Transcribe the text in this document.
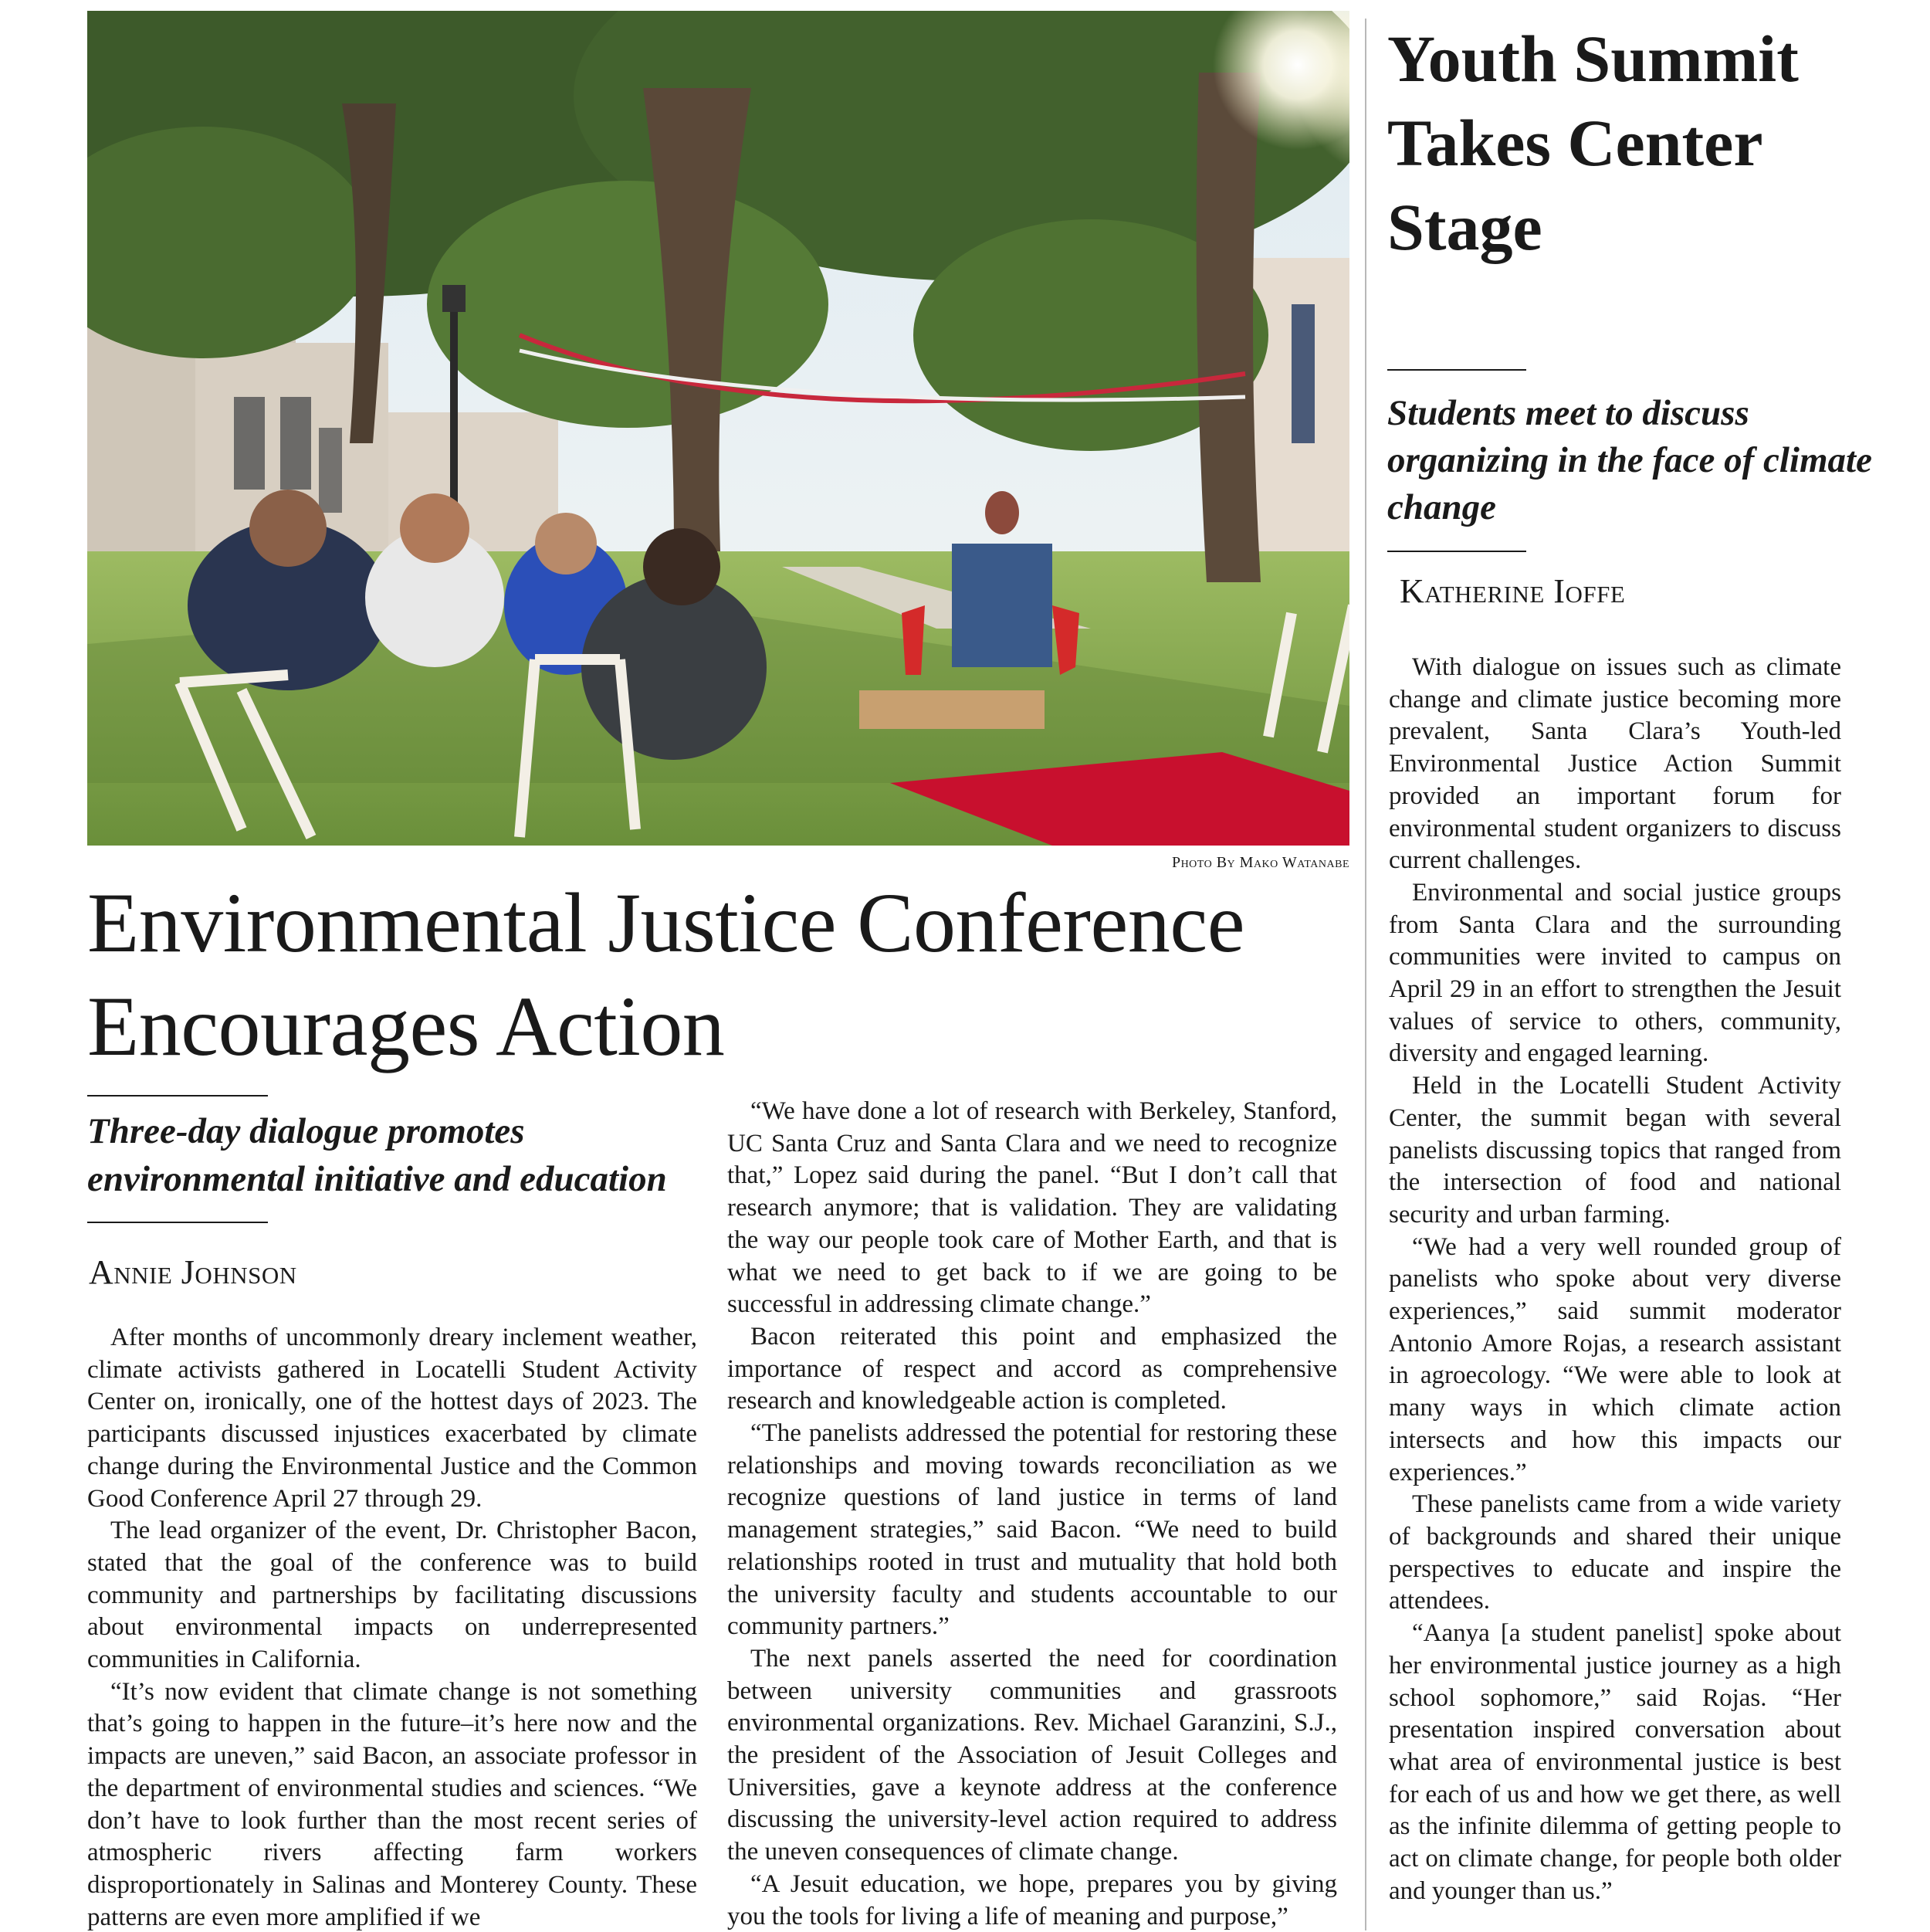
Photo By Mako Watanabe
Environmental Justice Conference Encourages Action
Three-day dialogue promotes environmental initiative and education
Annie Johnson

After months of uncommonly dreary inclement weather, climate activists gathered in Locatelli Student Activity Center on, ironically, one of the hottest days of 2023. The participants discussed injustices exacerbated by climate change during the Environmental Justice and the Common Good Conference April 27 through 29.

The lead organizer of the event, Dr. Christopher Bacon, stated that the goal of the conference was to build community and partnerships by facilitating discussions about environmental impacts on underrepresented communities in California.

“It’s now evident that climate change is not something that’s going to happen in the future–it’s here now and the impacts are uneven,” said Bacon, an associate professor in the department of environmental studies and sciences. “We don’t have to look further than the most recent series of atmospheric rivers affecting farm workers disproportionately in Salinas and Monterey County. These patterns are even more amplified if we

“We have done a lot of research with Berkeley, Stanford, UC Santa Cruz and Santa Clara and we need to recognize that,” Lopez said during the panel. “But I don’t call that research anymore; that is validation. They are validating the way our people took care of Mother Earth, and that is what we need to get back to if we are going to be successful in addressing climate change.”

Bacon reiterated this point and emphasized the importance of respect and accord as comprehensive research and knowledgeable action is completed.

“The panelists addressed the potential for restoring these relationships and moving towards reconciliation as we recognize questions of land justice in terms of land management strategies,” said Bacon. “We need to build relationships rooted in trust and mutuality that hold both the university faculty and students accountable to our community partners.”

The next panels asserted the need for coordination between university communities and grassroots environmental organizations. Rev. Michael Garanzini, S.J., the president of the Association of Jesuit Colleges and Universities, gave a keynote address at the conference discussing the university-level action required to address the uneven consequences of climate change.

“A Jesuit education, we hope, prepares you by giving you the tools for living a life of meaning and purpose,”

Youth Summit Takes Center Stage
Students meet to discuss organizing in the face of climate change
Katherine Ioffe

With dialogue on issues such as climate change and climate justice becoming more prevalent, Santa Clara’s Youth-led Environmental Justice Action Summit provided an important forum for environmental student organizers to discuss current challenges.

Environmental and social justice groups from Santa Clara and the surrounding communities were invited to campus on April 29 in an effort to strengthen the Jesuit values of service to others, community, diversity and engaged learning.

Held in the Locatelli Student Activity Center, the summit began with several panelists discussing topics that ranged from the intersection of food and national security and urban farming.

“We had a very well rounded group of panelists who spoke about very diverse experiences,” said summit moderator Antonio Amore Rojas, a research assistant in agroecology. “We were able to look at many ways in which climate action intersects and how this impacts our experiences.”

These panelists came from a wide variety of backgrounds and shared their unique perspectives to educate and inspire the attendees.

“Aanya [a student panelist] spoke about her environmental justice journey as a high school sophomore,” said Rojas. “Her presentation inspired conversation about what area of environmental justice is best for each of us and how we get there, as well as the infinite dilemma of getting people to act on climate change, for people both older and younger than us.”
